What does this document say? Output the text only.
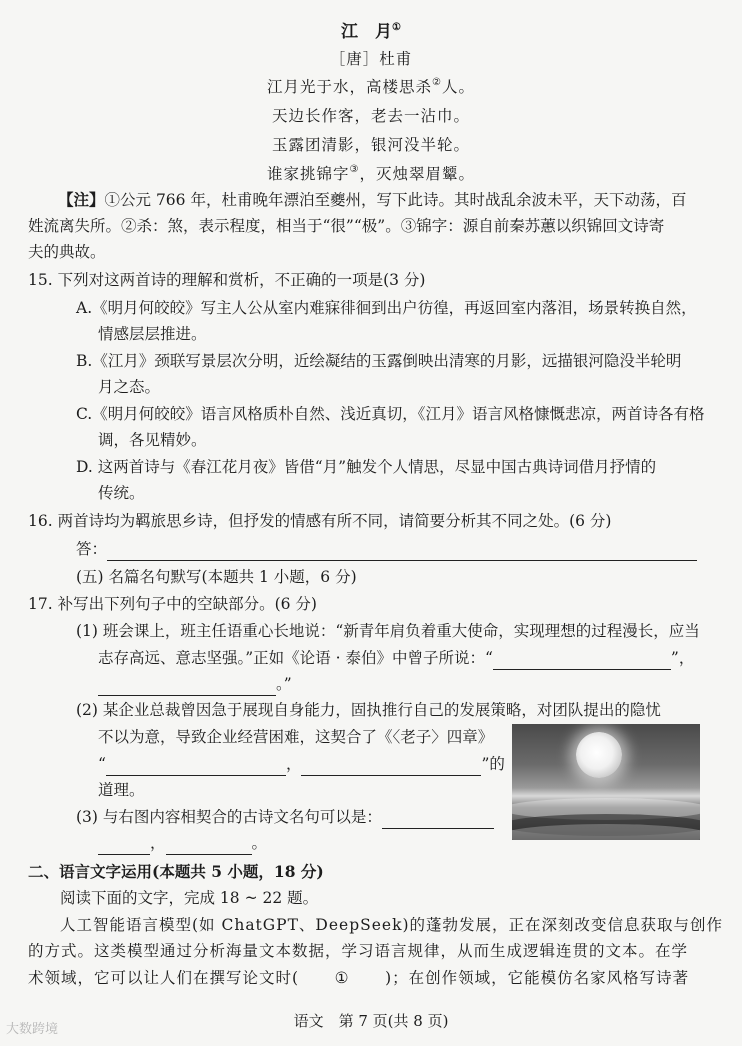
江　月①
［唐］杜甫
江月光于水，高楼思杀②人。
天边长作客，老去一沾巾。
玉露团清影，银河没半轮。
谁家挑锦字③，灭烛翠眉颦。
【注】①公元 766 年，杜甫晚年漂泊至夔州，写下此诗。其时战乱余波未平，天下动荡，百
姓流离失所。②杀：煞，表示程度，相当于“很”“极”。③锦字：源自前秦苏蕙以织锦回文诗寄
夫的典故。
15. 下列对这两首诗的理解和赏析，不正确的一项是(3 分)
A.《明月何皎皎》写主人公从室内难寐徘徊到出户彷徨，再返回室内落泪，场景转换自然，
情感层层推进。
B.《江月》颈联写景层次分明，近绘凝结的玉露倒映出清寒的月影，远描银河隐没半轮明
月之态。
C.《明月何皎皎》语言风格质朴自然、浅近真切，《江月》语言风格慷慨悲凉，两首诗各有格
调，各见精妙。
D. 这两首诗与《春江花月夜》皆借“月”触发个人情思，尽显中国古典诗词借月抒情的
传统。
16. 两首诗均为羁旅思乡诗，但抒发的情感有所不同，请简要分析其不同之处。(6 分)
答：
(五) 名篇名句默写(本题共 1 小题，6 分)
17. 补写出下列句子中的空缺部分。(6 分)
(1) 班会课上，班主任语重心长地说：“新青年肩负着重大使命，实现理想的过程漫长，应当
志存高远、意志坚强。”正如《论语 · 泰伯》中曾子所说：“	”，
。”
(2) 某企业总裁曾因急于展现自身能力，固执推行自己的发展策略，对团队提出的隐忧
不以为意，导致企业经营困难，这契合了《〈老子〉四章》
“	，	”的
道理。
(3) 与右图内容相契合的古诗文名句可以是：
，	。
二、语言文字运用(本题共 5 小题，18 分)
阅读下面的文字，完成 18 ~ 22 题。
人工智能语言模型(如 ChatGPT、DeepSeek)的蓬勃发展，正在深刻改变信息获取与创作
的方式。这类模型通过分析海量文本数据，学习语言规律，从而生成逻辑连贯的文本。在学
术领域，它可以让人们在撰写论文时( ① )；在创作领域，它能模仿名家风格写诗著
语文　第 7 页(共 8 页)
大数跨境
